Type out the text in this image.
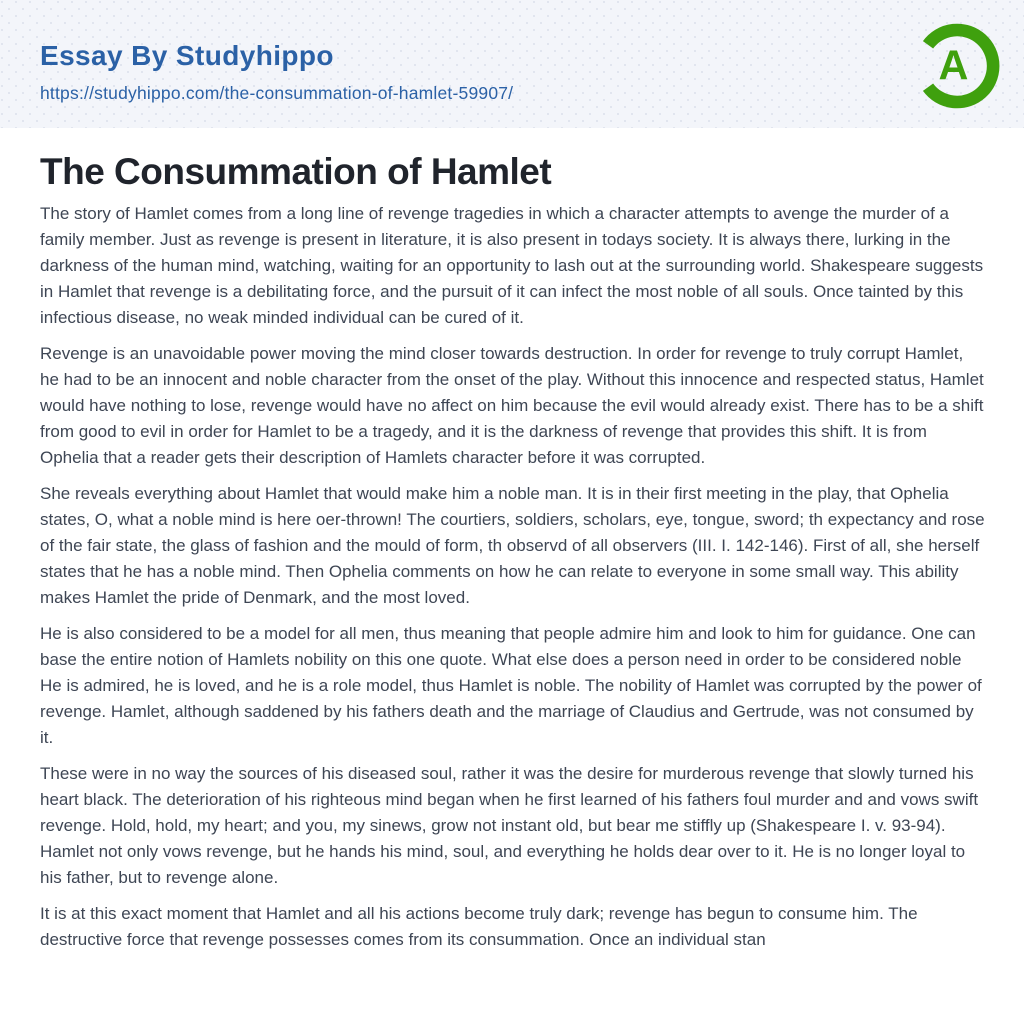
Essay By Studyhippo
https://studyhippo.com/the-consummation-of-hamlet-59907/
A
The Consummation of Hamlet

The story of Hamlet comes from a long line of revenge tragedies in which a character attempts to avenge the murder of a family member. Just as revenge is present in literature, it is also present in todays society. It is always there, lurking in the darkness of the human mind, watching, waiting for an opportunity to lash out at the surrounding world. Shakespeare suggests in Hamlet that revenge is a debilitating force, and the pursuit of it can infect the most noble of all souls. Once tainted by this infectious disease, no weak minded individual can be cured of it.

Revenge is an unavoidable power moving the mind closer towards destruction. In order for revenge to truly corrupt Hamlet, he had to be an innocent and noble character from the onset of the play. Without this innocence and respected status, Hamlet would have nothing to lose, revenge would have no affect on him because the evil would already exist. There has to be a shift from good to evil in order for Hamlet to be a tragedy, and it is the darkness of revenge that provides this shift. It is from Ophelia that a reader gets their description of Hamlets character before it was corrupted.

She reveals everything about Hamlet that would make him a noble man. It is in their first meeting in the play, that Ophelia states, O, what a noble mind is here oer-thrown! The courtiers, soldiers, scholars, eye, tongue, sword; th expectancy and rose of the fair state, the glass of fashion and the mould of form, th observd of all observers (III. I. 142-146). First of all, she herself states that he has a noble mind. Then Ophelia comments on how he can relate to everyone in some small way. This ability makes Hamlet the pride of Denmark, and the most loved.

He is also considered to be a model for all men, thus meaning that people admire him and look to him for guidance. One can base the entire notion of Hamlets nobility on this one quote. What else does a person need in order to be considered noble He is admired, he is loved, and he is a role model, thus Hamlet is noble. The nobility of Hamlet was corrupted by the power of revenge. Hamlet, although saddened by his fathers death and the marriage of Claudius and Gertrude, was not consumed by it.

These were in no way the sources of his diseased soul, rather it was the desire for murderous revenge that slowly turned his heart black. The deterioration of his righteous mind began when he first learned of his fathers foul murder and and vows swift revenge. Hold, hold, my heart; and you, my sinews, grow not instant old, but bear me stiffly up (Shakespeare I. v. 93-94). Hamlet not only vows revenge, but he hands his mind, soul, and everything he holds dear over to it. He is no longer loyal to his father, but to revenge alone.

It is at this exact moment that Hamlet and all his actions become truly dark; revenge has begun to consume him. The destructive force that revenge possesses comes from its consummation. Once an individual stan
